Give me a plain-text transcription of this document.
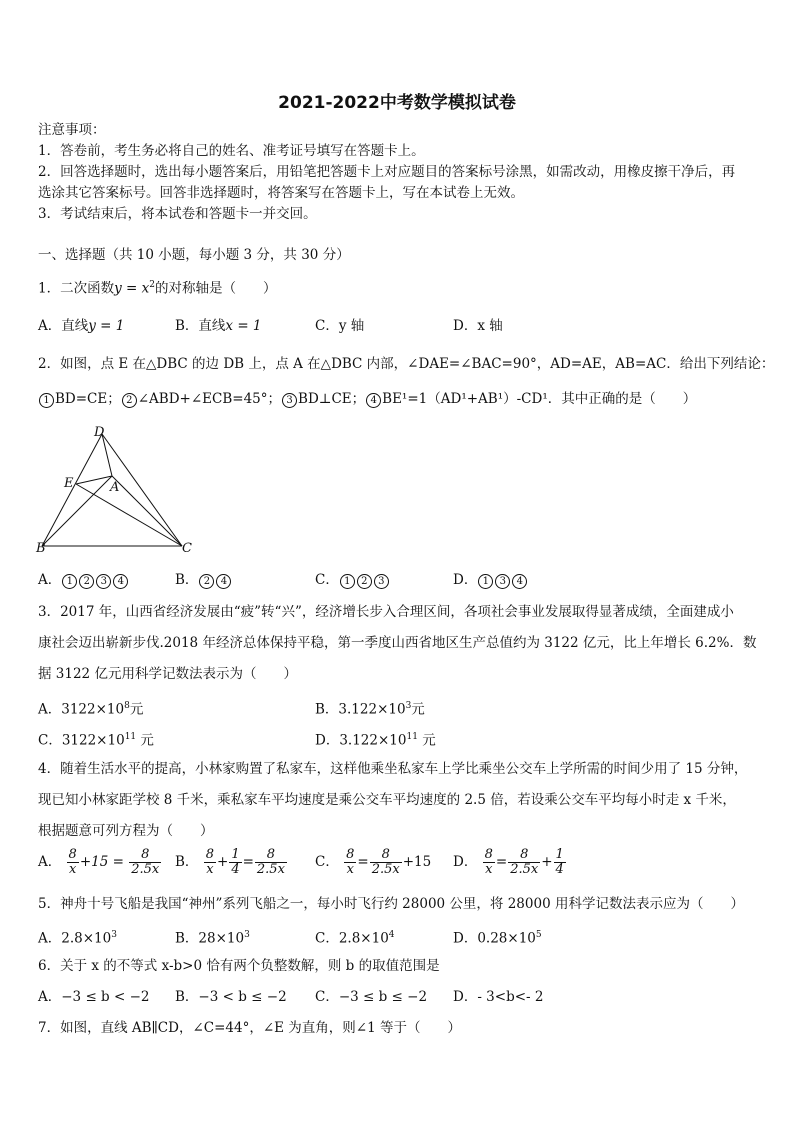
2021-2022中考数学模拟试卷
注意事项：
1．答卷前，考生务必将自己的姓名、准考证号填写在答题卡上。
2．回答选择题时，选出每小题答案后，用铅笔把答题卡上对应题目的答案标号涂黑，如需改动，用橡皮擦干净后，再
选涂其它答案标号。回答非选择题时，将答案写在答题卡上，写在本试卷上无效。
3．考试结束后，将本试卷和答题卡一并交回。
一、选择题（共 10 小题，每小题 3 分，共 30 分）
1．二次函数$y = x^2$的对称轴是（　　）
A．直线y = 1	B．直线x = 1	C．y 轴	D．x 轴
2．如图，点 E 在△DBC 的边 DB 上，点 A 在△DBC 内部，∠DAE=∠BAC=90°，AD=AE，AB=AC．给出下列结论：
1 BD=CE； 2 ∠ABD+∠ECB=45°； 3 BD⊥CE； 4 BE¹=1（AD¹+AB¹）-CD¹．其中正确的是（　　）
D
E	A
B	C
A． 1 2 3 4	B． 2 4	C． 1 2 3	D． 1 3 4
3．2017 年，山西省经济发展由“疲”转“兴”，经济增长步入合理区间，各项社会事业发展取得显著成绩，全面建成小
康社会迈出崭新步伐.2018 年经济总体保持平稳，第一季度山西省地区生产总值约为 3122 亿元，比上年增长 6.2%．数
据 3122 亿元用科学记数法表示为（　　）
A．$3122\times 10^8$元	B．$3.122\times 10^3$元
C．$3122\times 10^{11}$ 元	D．$3.122\times 10^{11}$ 元
4．随着生活水平的提高，小林家购置了私家车，这样他乘坐私家车上学比乘坐公交车上学所需的时间少用了 15 分钟，
现已知小林家距学校 8 千米，乘私家车平均速度是乘公交车平均速度的 2.5 倍，若设乘公交车平均每小时走 x 千米，
根据题意可列方程为（　　）
A． $\frac{8}{x} +15 = \frac{8}{2.5x}$ B． $\frac{8}{x} + \frac{1}{4} = \frac{8}{2.5x}$ C． $\frac{8}{x} = \frac{8}{2.5x} +15$ D． $\frac{8}{x} = \frac{8}{2.5x} + \frac{1}{4}$
5．神舟十号飞船是我国“神州”系列飞船之一，每小时飞行约 28000 公里，将 28000 用科学记数法表示应为（　　）
A．$2.8\times 10^3$	B．$28\times 10^3$	C．$2.8\times 10^4$	D．$0.28\times 10^5$
6．关于 x 的不等式 x-b>0 恰有两个负整数解，则 b 的取值范围是
A．−3 ≤ b < −2 B．−3 < b ≤ −2 C．−3 ≤ b ≤ −2 D．- 3<b<- 2
7．如图，直线 AB∥CD，∠C=44°，∠E 为直角，则∠1 等于（　　）
